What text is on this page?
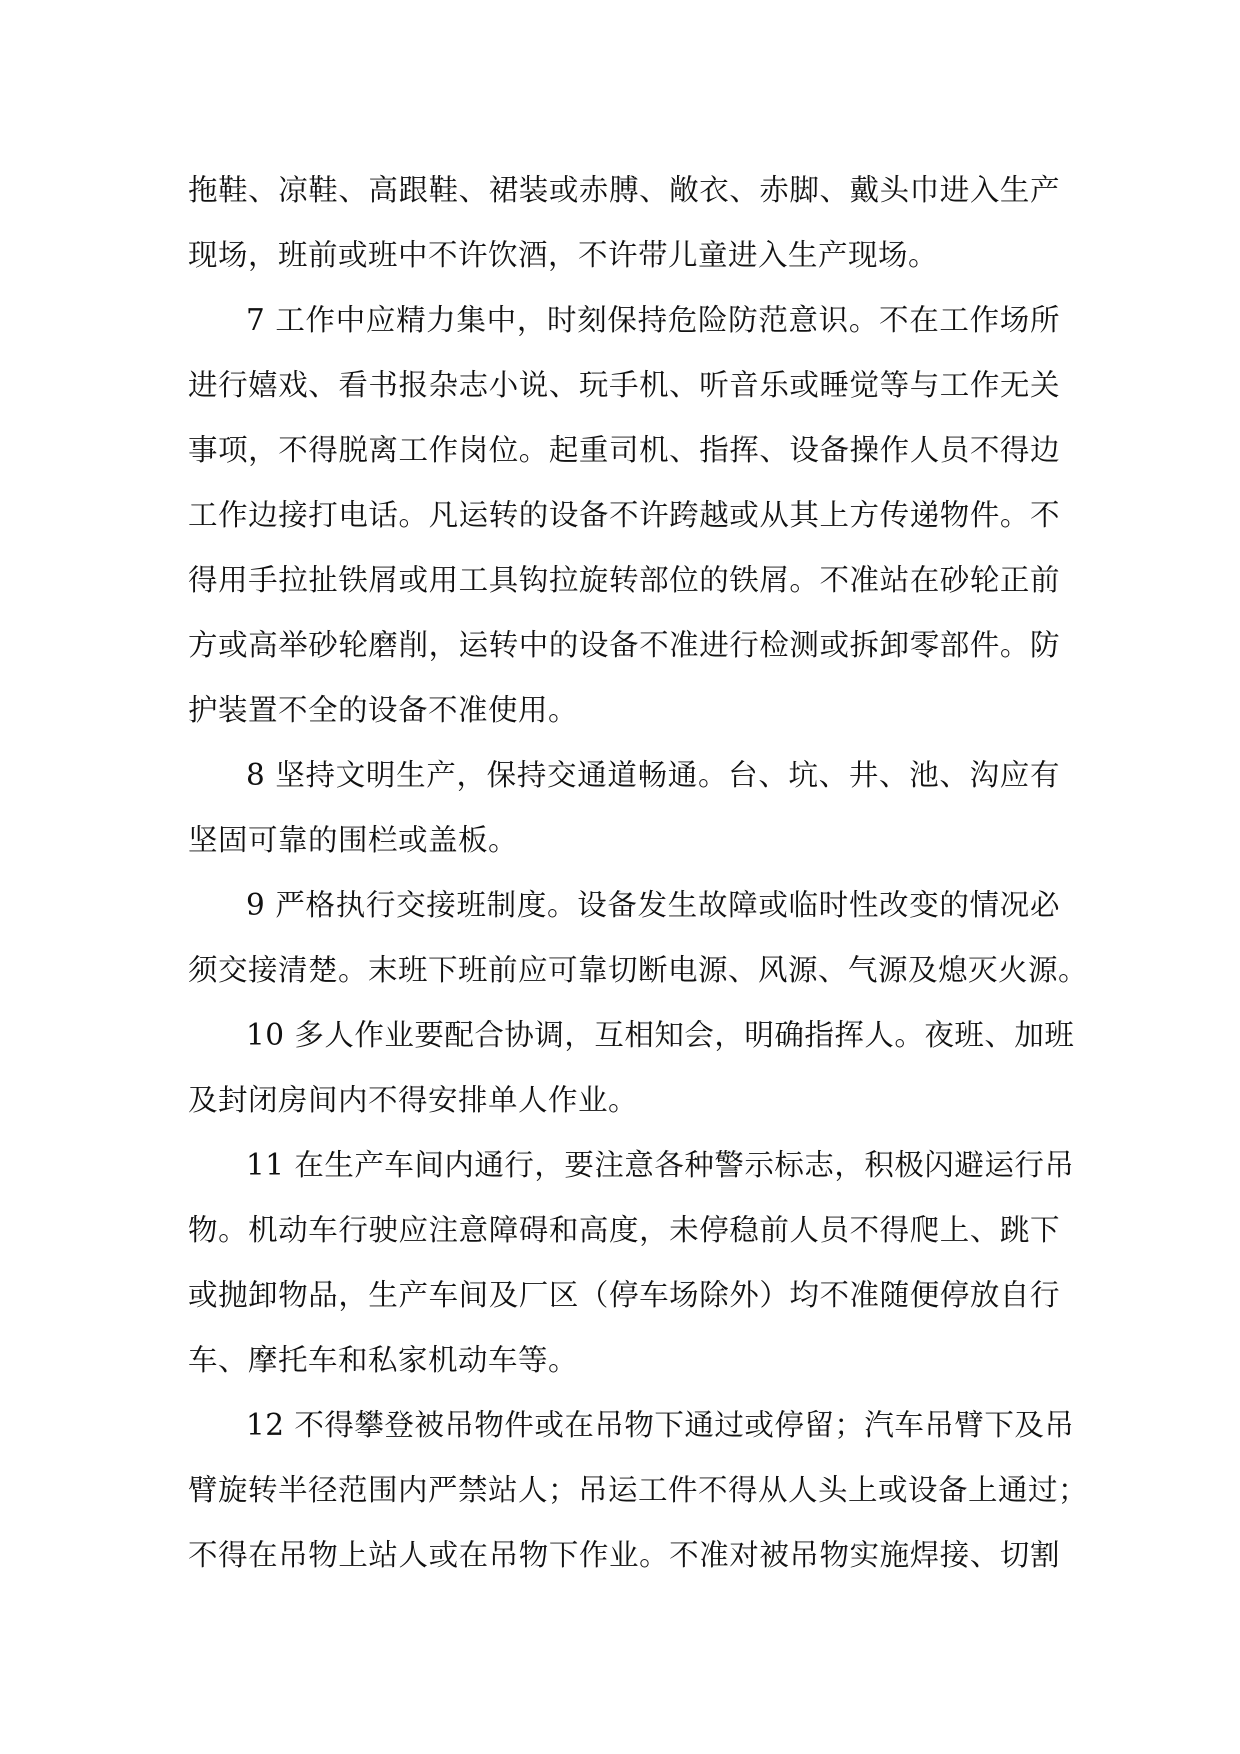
拖鞋、凉鞋、高跟鞋、裙装或赤膊、敞衣、赤脚、戴头巾进入生产
现场，班前或班中不许饮酒，不许带儿童进入生产现场。
7 工作中应精力集中，时刻保持危险防范意识。不在工作场所
进行嬉戏、看书报杂志小说、玩手机、听音乐或睡觉等与工作无关
事项，不得脱离工作岗位。起重司机、指挥、设备操作人员不得边
工作边接打电话。凡运转的设备不许跨越或从其上方传递物件。不
得用手拉扯铁屑或用工具钩拉旋转部位的铁屑。不准站在砂轮正前
方或高举砂轮磨削，运转中的设备不准进行检测或拆卸零部件。防
护装置不全的设备不准使用。
8 坚持文明生产，保持交通道畅通。台、坑、井、池、沟应有
坚固可靠的围栏或盖板。
9 严格执行交接班制度。设备发生故障或临时性改变的情况必
须交接清楚。末班下班前应可靠切断电源、风源、气源及熄灭火源。
10 多人作业要配合协调，互相知会，明确指挥人。夜班、加班
及封闭房间内不得安排单人作业。
11 在生产车间内通行，要注意各种警示标志，积极闪避运行吊
物。机动车行驶应注意障碍和高度，未停稳前人员不得爬上、跳下
或抛卸物品，生产车间及厂区（停车场除外）均不准随便停放自行
车、摩托车和私家机动车等。
12 不得攀登被吊物件或在吊物下通过或停留；汽车吊臂下及吊
臂旋转半径范围内严禁站人；吊运工件不得从人头上或设备上通过；
不得在吊物上站人或在吊物下作业。不准对被吊物实施焊接、切割
